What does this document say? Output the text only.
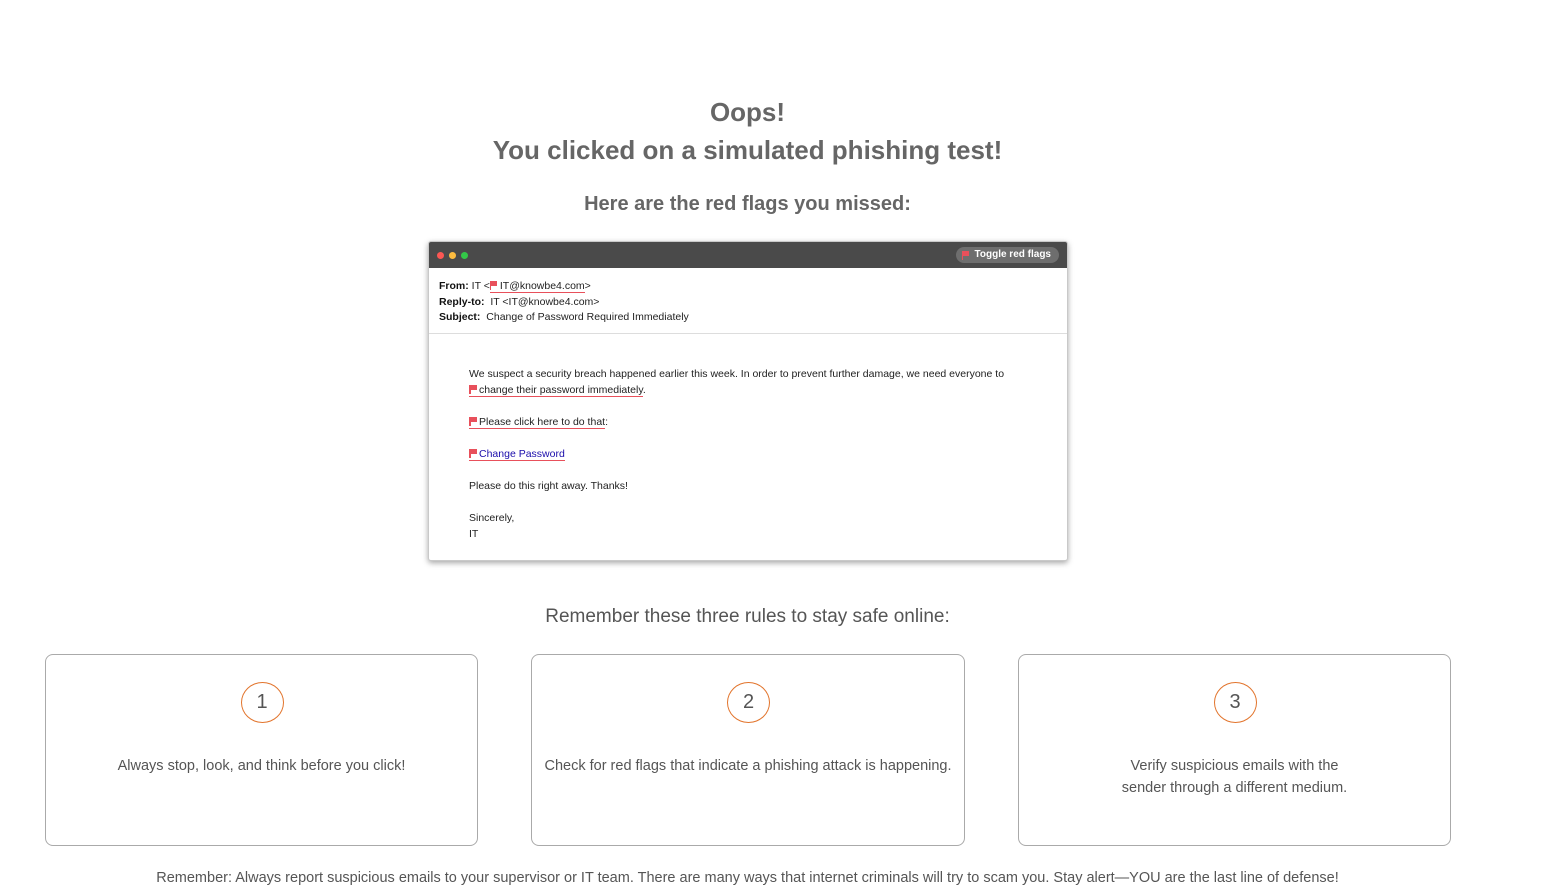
Oops!
You clicked on a simulated phishing test!
Here are the red flags you missed:
Toggle red flags
From: IT < IT@knowbe4.com>
Reply-to: IT <IT@knowbe4.com>
Subject: Change of Password Required Immediately

We suspect a security breach happened earlier this week. In order to prevent further damage, we need everyone to
change their password immediately.

Please click here to do that:

Change Password

Please do this right away. Thanks!

Sincerely,
IT

Remember these three rules to stay safe online:
1
Always stop, look, and think before you click!
2
Check for red flags that indicate a phishing attack is happening.
3
Verify suspicious emails with the
sender through a different medium.
Remember: Always report suspicious emails to your supervisor or IT team. There are many ways that internet criminals will try to scam you. Stay alert—YOU are the last line of defense!
